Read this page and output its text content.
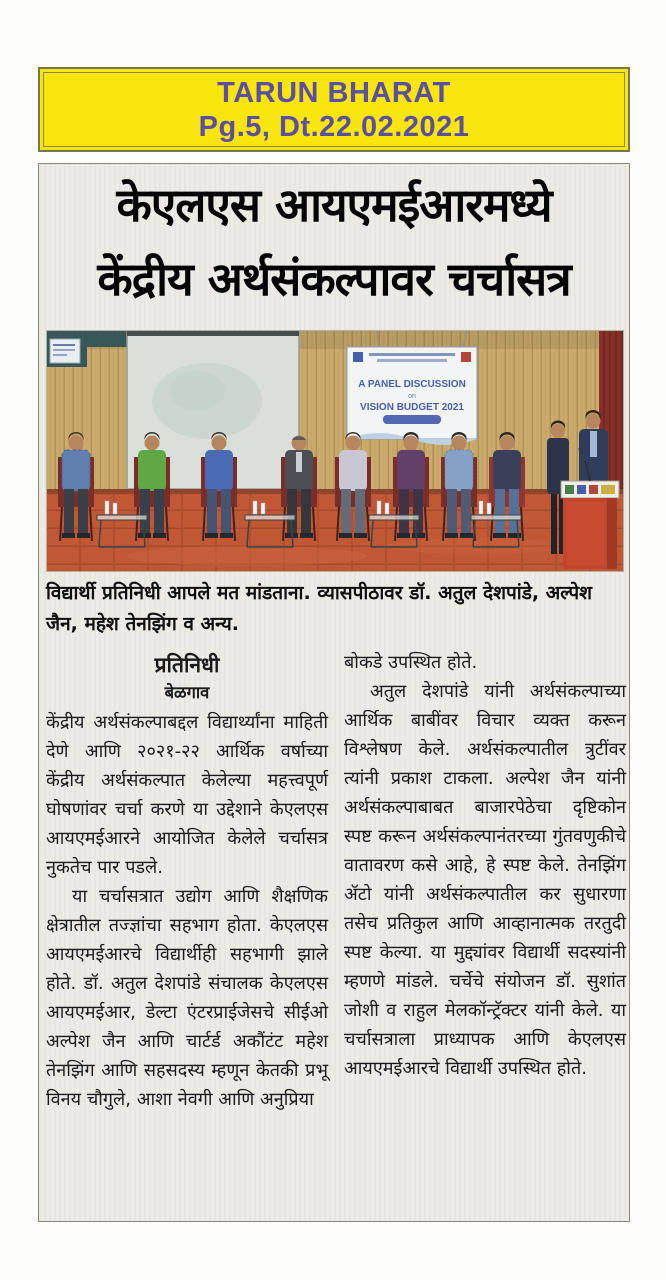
TARUN BHARAT
Pg.5, Dt.22.02.2021
केएलएस आयएमईआरमध्ये
केंद्रीय अर्थसंकल्पावर चर्चासत्र
A PANEL DISCUSSION
on
VISION BUDGET 2021
विद्यार्थी प्रतिनिधी आपले मत मांडताना. व्यासपीठावर डॉ. अतुल देशपांडे, अल्पेश जैन, महेश तेनझिंग व अन्य.
प्रतिनिधी
बेळगाव
केंद्रीय अर्थसंकल्पाबद्दल विद्यार्थ्यांना माहिती देणे आणि २०२१-२२ आर्थिक वर्षाच्या केंद्रीय अर्थसंकल्पात केलेल्या महत्त्वपूर्ण घोषणांवर चर्चा करणे या उद्देशाने केएलएस आयएमईआरने आयोजित केलेले चर्चासत्र नुकतेच पार पडले.
या चर्चासत्रात उद्योग आणि शैक्षणिक क्षेत्रातील तज्ज्ञांचा सहभाग होता. केएलएस आयएमईआरचे विद्यार्थीही सहभागी झाले होते. डॉ. अतुल देशपांडे संचालक केएलएस आयएमईआर, डेल्टा एंटरप्राईजेसचे सीईओ अल्पेश जैन आणि चार्टर्ड अकौंटंट महेश तेनझिंग आणि सहसदस्य म्हणून केतकी प्रभू विनय चौगुले, आशा नेवगी आणि अनुप्रिया
बोकडे उपस्थित होते.
अतुल देशपांडे यांनी अर्थसंकल्पाच्या आर्थिक बाबींवर विचार व्यक्त करून विश्लेषण केले. अर्थसंकल्पातील त्रुटींवर त्यांनी प्रकाश टाकला. अल्पेश जैन यांनी अर्थसंकल्पाबाबत बाजारपेठेचा दृष्टिकोन स्पष्ट करून अर्थसंकल्पानंतरच्या गुंतवणुकीचे वातावरण कसे आहे, हे स्पष्ट केले. तेनझिंग ॲटो यांनी अर्थसंकल्पातील कर सुधारणा तसेच प्रतिकुल आणि आव्हानात्मक तरतुदी स्पष्ट केल्या. या मुद्द्यांवर विद्यार्थी सदस्यांनी म्हणणे मांडले. चर्चेचे संयोजन डॉ. सुशांत जोशी व राहुल मेलकॉन्ट्रॅक्टर यांनी केले. या चर्चासत्राला प्राध्यापक आणि केएलएस आयएमईआरचे विद्यार्थी उपस्थित होते.
